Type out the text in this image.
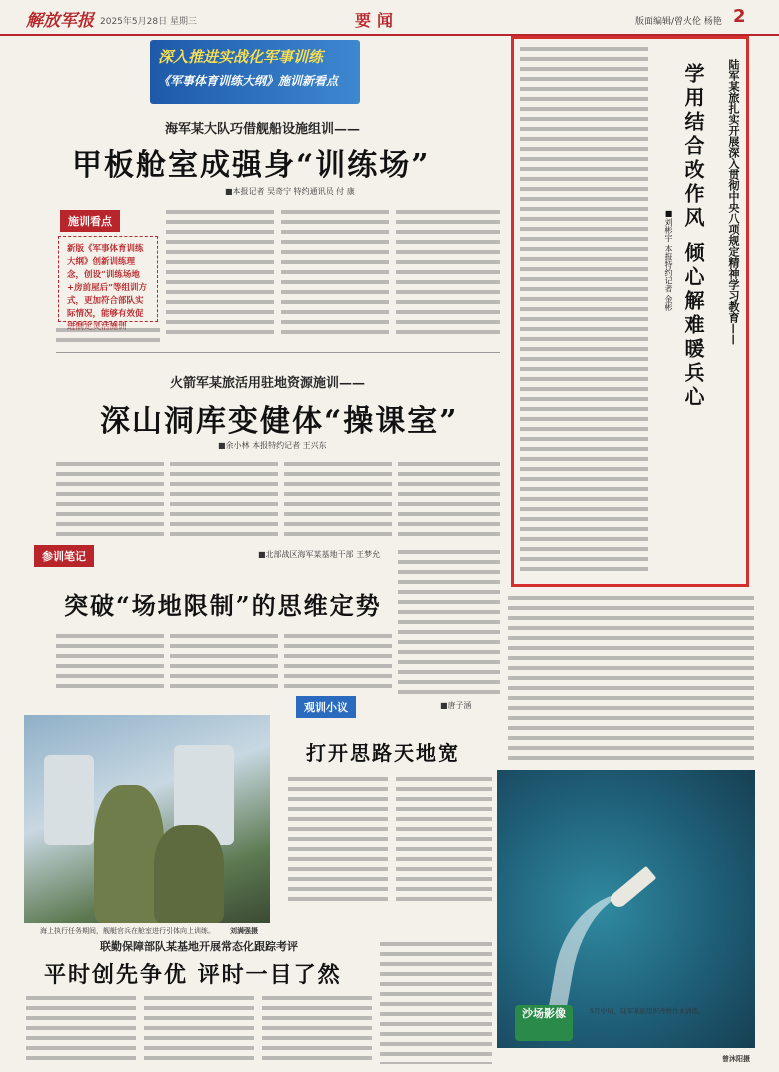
解放军报 2025年5月28日 星期三	要闻	版面编辑/曾火伦 杨艳 2
深入推进实战化军事训练
《军事体育训练大纲》施训新看点
海军某大队巧借舰船设施组训——
甲板舱室成强身“训练场”
■本报记者 吴奇宁 特约通讯员 付 康
施训看点
新版《军事体育训练大纲》创新训练理念，创设“训练场地+房前屋后”等组训方式，更加符合部队实际情况，能够有效促
火箭军某旅活用驻地资源施训——
深山洞库变健体“操课室”
■余小林 本报特约记者 王兴东
参训笔记	■北部战区海军某基地干部 王梦允
突破“场地限制”的思维定势
观训小议	■唐子涵
打开思路天地宽
海上执行任务期间，舰艇官兵在舱室进行引体向上训练。 刘满强摄
联勤保障部队某基地开展常态化跟踪考评
平时创先争优 评时一目了然
沙场影像	5月中旬，陆军某旅组织舟桥作业训练。
曾沐阳摄
陆军某旅扎实开展深入贯彻中央八项规定精神学习教育——
学用结合改作风 倾心解难暖兵心
■刘彬宇 本报特约记者 金彬
